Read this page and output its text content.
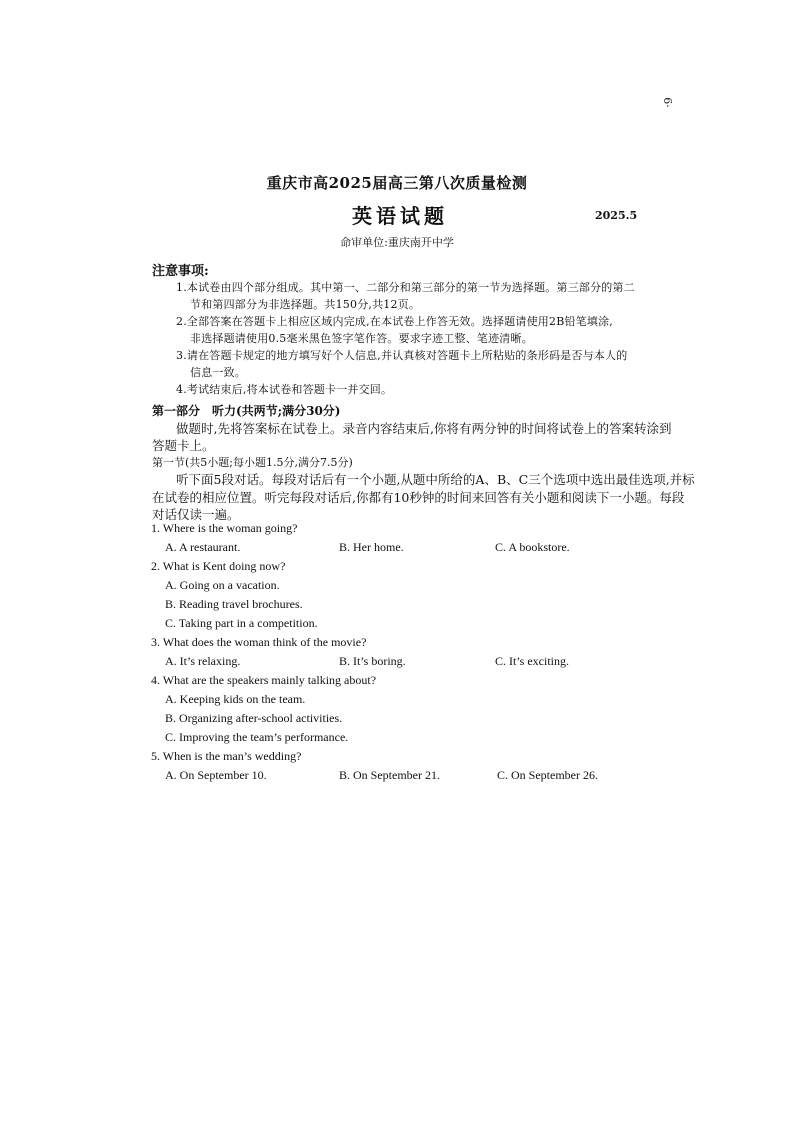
6·
重庆市高2025届高三第八次质量检测
英语试题	2025.5
命审单位:重庆南开中学
注意事项:
1.本试卷由四个部分组成。其中第一、二部分和第三部分的第一节为选择题。第三部分的第二
节和第四部分为非选择题。共150分,共12页。
2.全部答案在答题卡上相应区域内完成,在本试卷上作答无效。选择题请使用2B铅笔填涂,
非选择题请使用0.5毫米黑色签字笔作答。要求字迹工整、笔迹清晰。
3.请在答题卡规定的地方填写好个人信息,并认真核对答题卡上所粘贴的条形码是否与本人的
信息一致。
4.考试结束后,将本试卷和答题卡一并交回。
第一部分　听力(共两节;满分30分)
做题时,先将答案标在试卷上。录音内容结束后,你将有两分钟的时间将试卷上的答案转涂到
答题卡上。
第一节(共5小题;每小题1.5分,满分7.5分)
听下面5段对话。每段对话后有一个小题,从题中所给的A、B、C三个选项中选出最佳选项,并标
在试卷的相应位置。听完每段对话后,你都有10秒钟的时间来回答有关小题和阅读下一小题。每段
对话仅读一遍。
1. Where is the woman going?
A. A restaurant.	B. Her home.	C. A bookstore.
2. What is Kent doing now?
A. Going on a vacation.
B. Reading travel brochures.
C. Taking part in a competition.
3. What does the woman think of the movie?
A. It’s relaxing.	B. It’s boring.	C. It’s exciting.
4. What are the speakers mainly talking about?
A. Keeping kids on the team.
B. Organizing after-school activities.
C. Improving the team’s performance.
5. When is the man’s wedding?
A. On September 10.	B. On September 21.	C. On September 26.
